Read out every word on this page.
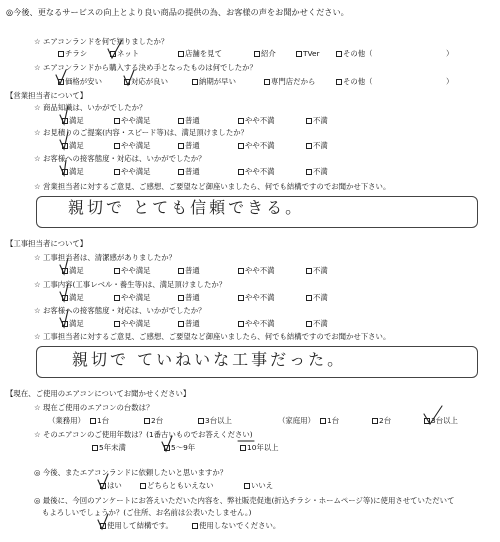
◎今後、更なるサービスの向上とより良い商品の提供の為、お客様の声をお聞かせください。
☆ エアコンランドを何で知りましたか？
チラシ	ネット	店舗を見て	紹介	TVer	その他（	）
☆ エアコンランドから購入する決め手となったものは何でしたか？
価格が安い	対応が良い	納期が早い	専門店だから	その他（	）
【営業担当者について】
☆ 商品知識は、いかがでしたか？
満足	やや満足	普通	やや不満	不満
☆ お見積りのご提案(内容・スピード等)は、満足頂けましたか？
満足	やや満足	普通	やや不満	不満
☆ お客様への接客態度・対応は、いかがでしたか？
満足	やや満足	普通	やや不満	不満
☆ 営業担当者に対するご意見、ご感想、ご要望など御座いましたら、何でも結構ですのでお聞かせ下さい。
親切で とても信頼できる。
【工事担当者について】
☆ 工事担当者は、清潔感がありましたか？
満足	やや満足	普通	やや不満	不満
☆ 工事内容(工事レベル・養生等)は、満足頂けましたか？
満足	やや満足	普通	やや不満	不満
☆ お客様への接客態度・対応は、いかがでしたか？
満足	やや満足	普通	やや不満	不満
☆ 工事担当者に対するご意見、ご感想、ご要望など御座いましたら、何でも結構ですのでお聞かせ下さい。
親切で ていねいな工事だった。
【現在、ご使用のエアコンについてお聞かせください】
☆ 現在ご使用のエアコンの台数は？
（業務用）	1台	2台	3台以上	（家庭用）	1台	2台	3台以上
☆ そのエアコンのご使用年数は？(1番古いものでお答えください)
5年未満	5～9年	10年以上
◎ 今後、またエアコンランドに依頼したいと思いますか？
はい	どちらともいえない	いいえ
◎ 最後に、今回のアンケートにお答えいただいた内容を、弊社販売促進(折込チラシ・ホームページ等)に使用させていただいて
もよろしいでしょうか？(ご住所、お名前は公表いたしません。)
使用して結構です。	使用しないでください。
